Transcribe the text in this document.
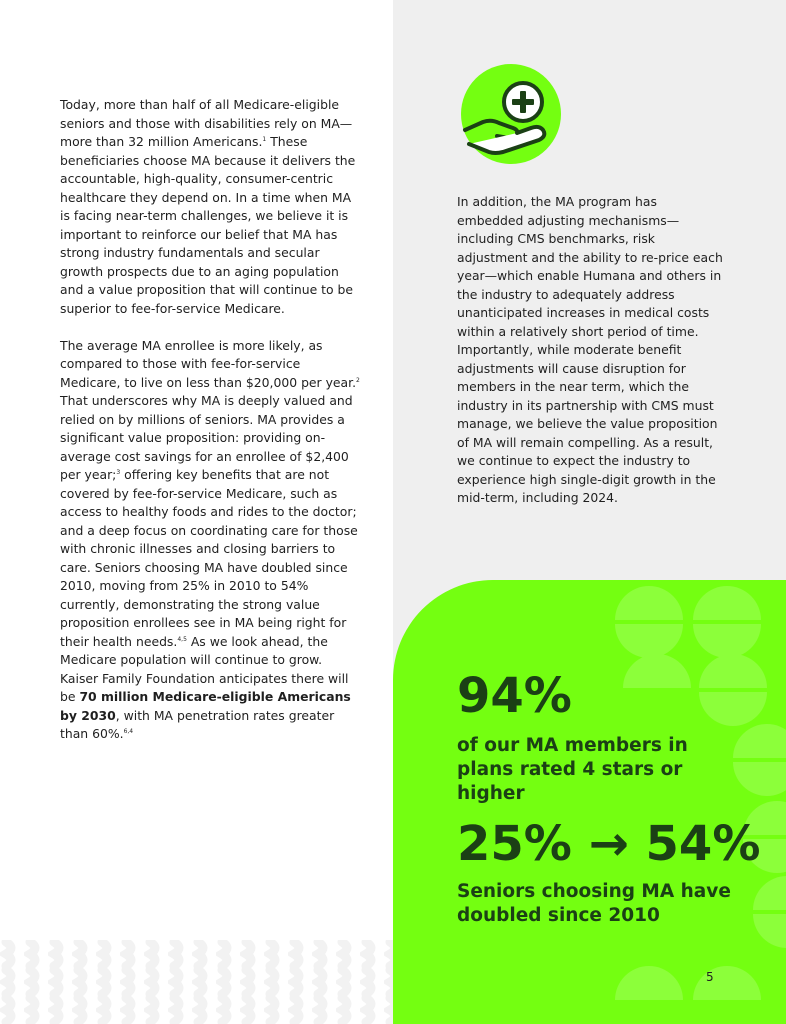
Today, more than half of all Medicare-eligible seniors and those with disabilities rely on MA—more than 32 million Americans.$^1$ These beneficiaries choose MA because it delivers the accountable, high-quality, consumer-centric healthcare they depend on. In a time when MA is facing near-term challenges, we believe it is important to reinforce our belief that MA has strong industry fundamentals and secular growth prospects due to an aging population and a value proposition that will continue to be superior to fee-for-service Medicare.

The average MA enrollee is more likely, as compared to those with fee-for-service Medicare, to live on less than $20,000 per year.$^2$ That underscores why MA is deeply valued and relied on by millions of seniors. MA provides a significant value proposition: providing on-average cost savings for an enrollee of $2,400 per year;$^3$ offering key benefits that are not covered by fee-for-service Medicare, such as access to healthy foods and rides to the doctor; and a deep focus on coordinating care for those with chronic illnesses and closing barriers to care. Seniors choosing MA have doubled since 2010, moving from 25% in 2010 to 54% currently, demonstrating the strong value proposition enrollees see in MA being right for their health needs.$^{4,5}$ As we look ahead, the Medicare population will continue to grow. Kaiser Family Foundation anticipates there will be 70 million Medicare-eligible Americans by 2030, with MA penetration rates greater than 60%.$^{6,4}$

In addition, the MA program has embedded adjusting mechanisms—including CMS benchmarks, risk adjustment and the ability to re-price each year—which enable Humana and others in the industry to adequately address unanticipated increases in medical costs within a relatively short period of time. Importantly, while moderate benefit adjustments will cause disruption for members in the near term, which the industry in its partnership with CMS must manage, we believe the value proposition of MA will remain compelling. As a result, we continue to expect the industry to experience high single-digit growth in the mid-term, including 2024.

94%
of our MA members in plans rated 4 stars or higher
25% → 54%
Seniors choosing MA have doubled since 2010
5
